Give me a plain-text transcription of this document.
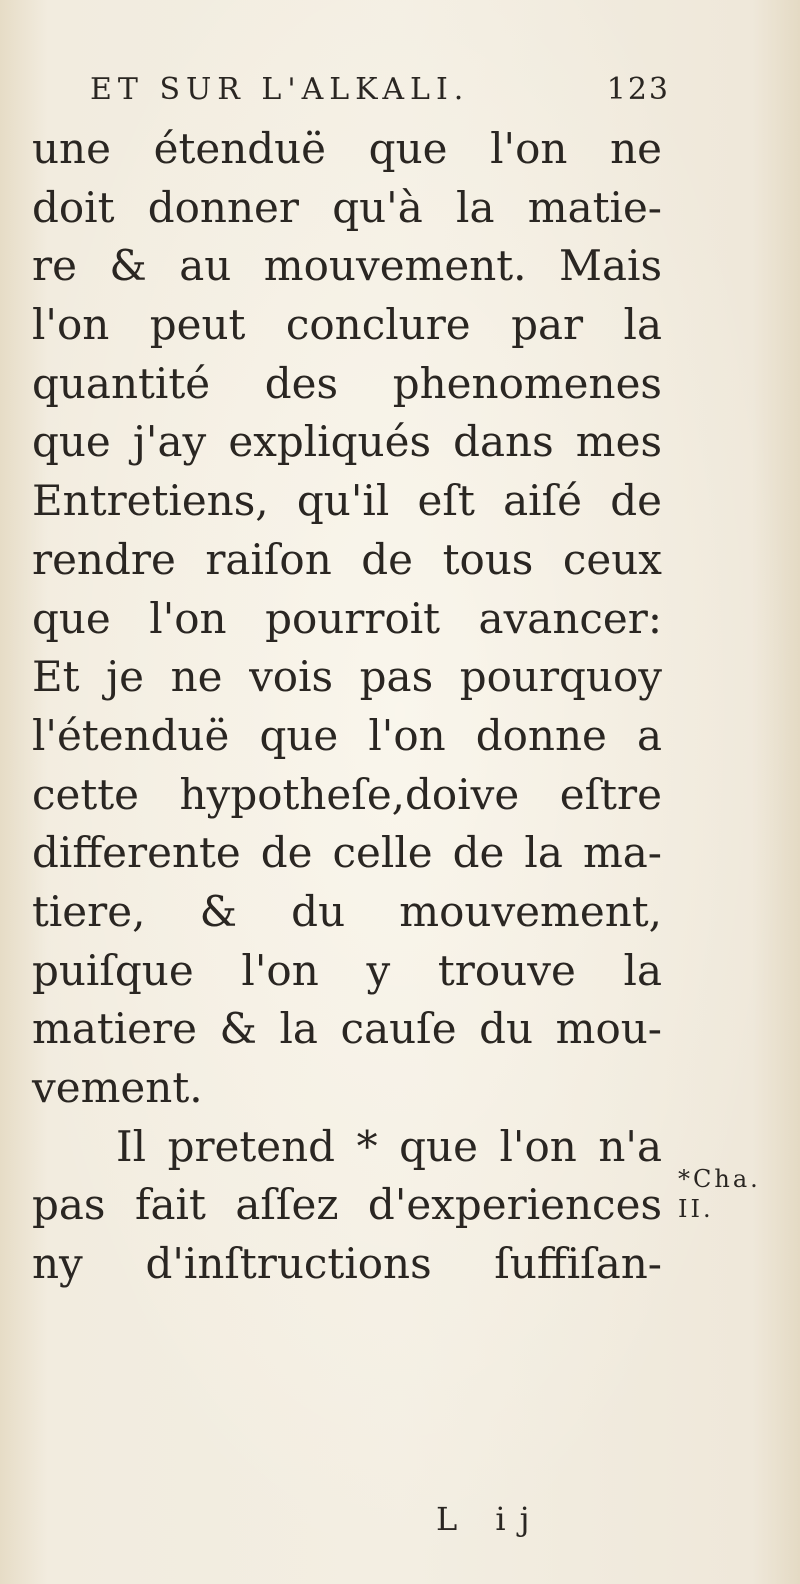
ET SUR L'ALKALI.	123
une étenduë que l'on ne
doit donner qu'à la matie-
re & au mouvement. Mais
l'on peut conclure par la
quantité des phenomenes
que j'ay expliqués dans mes
Entretiens, qu'il eſt aiſé de
rendre raiſon de tous ceux
que l'on pourroit avancer:
Et je ne vois pas pourquoy
l'étenduë que l'on donne a
cette hypotheſe,doive eſtre
differente de celle de la ma-
tiere, & du mouvement,
puiſque l'on y trouve la
matiere & la cauſe du mou-
vement.
Il pretend * que l'on n'a
pas fait aſſez d'experiences
ny d'inſtructions ſuffiſan-
*Cha.
II.
L ij
